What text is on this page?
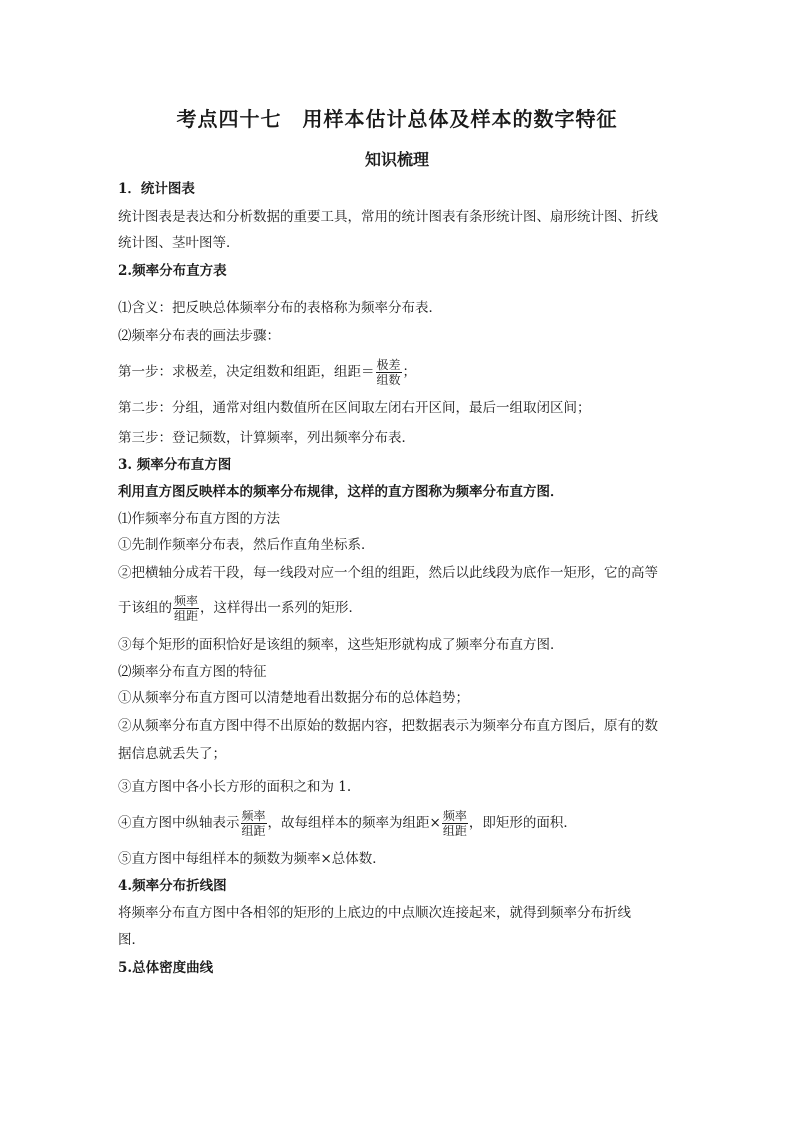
考点四十七　用样本估计总体及样本的数字特征
知识梳理
1．统计图表
统计图表是表达和分析数据的重要工具，常用的统计图表有条形统计图、扇形统计图、折线
统计图、茎叶图等．
2.频率分布直方表
⑴含义：把反映总体频率分布的表格称为频率分布表．
⑵频率分布表的画法步骤：
第一步：求极差，决定组数和组距，组距＝ $\frac{\text{极差}}{\text{组数}}$ ；
第二步：分组，通常对组内数值所在区间取左闭右开区间，最后一组取闭区间；
第三步：登记频数，计算频率，列出频率分布表．
3. 频率分布直方图
利用直方图反映样本的频率分布规律，这样的直方图称为频率分布直方图．
⑴作频率分布直方图的方法
①先制作频率分布表，然后作直角坐标系．
②把横轴分成若干段，每一线段对应一个组的组距，然后以此线段为底作一矩形，它的高等
于该组的 $\frac{\text{频率}}{\text{组距}}$ ，这样得出一系列的矩形．
③每个矩形的面积恰好是该组的频率，这些矩形就构成了频率分布直方图．
⑵频率分布直方图的特征
①从频率分布直方图可以清楚地看出数据分布的总体趋势；
②从频率分布直方图中得不出原始的数据内容，把数据表示为频率分布直方图后，原有的数
据信息就丢失了；
③直方图中各小长方形的面积之和为 1.
④直方图中纵轴表示 $\frac{\text{频率}}{\text{组距}}$ ，故每组样本的频率为组距× $\frac{\text{频率}}{\text{组距}}$ ，即矩形的面积．
⑤直方图中每组样本的频数为频率×总体数．
4.频率分布折线图
将频率分布直方图中各相邻的矩形的上底边的中点顺次连接起来，就得到频率分布折线
图．
5.总体密度曲线
